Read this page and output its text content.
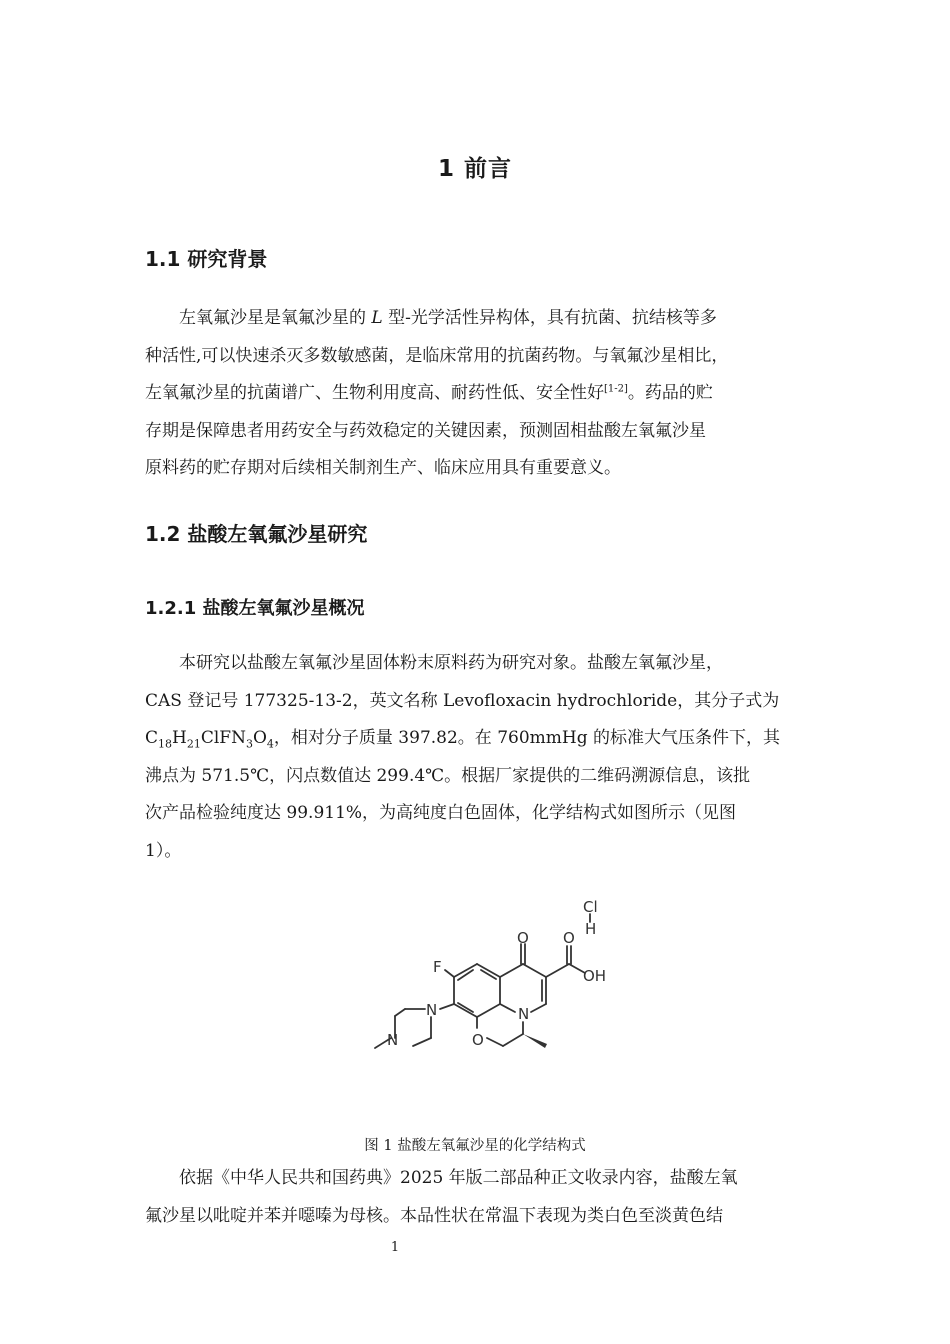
1 前言
1.1 研究背景
左氧氟沙星是氧氟沙星的 L 型-光学活性异构体，具有抗菌、抗结核等多
种活性,可以快速杀灭多数敏感菌，是临床常用的抗菌药物。与氧氟沙星相比，
左氧氟沙星的抗菌谱广、生物利用度高、耐药性低、安全性好[1-2]。药品的贮
存期是保障患者用药安全与药效稳定的关键因素，预测固相盐酸左氧氟沙星
原料药的贮存期对后续相关制剂生产、临床应用具有重要意义。
1.2 盐酸左氧氟沙星研究
1.2.1 盐酸左氧氟沙星概况
本研究以盐酸左氧氟沙星固体粉末原料药为研究对象。盐酸左氧氟沙星，
CAS 登记号 177325-13-2，英文名称 Levofloxacin hydrochloride，其分子式为
$C_{18}H_{21}ClFN_3O_4$，相对分子质量 397.82。在 760mmHg 的标准大气压条件下，其
沸点为 571.5℃，闪点数值达 299.4℃。根据厂家提供的二维码溯源信息，该批
次产品检验纯度达 99.911%，为高纯度白色固体，化学结构式如图所示（见图
1）。
Cl
H
O O
OH
F
N
N
N	O
图 1 盐酸左氧氟沙星的化学结构式
依据《中华人民共和国药典》2025 年版二部品种正文收录内容，盐酸左氧
氟沙星以吡啶并苯并噁嗪为母核。本品性状在常温下表现为类白色至淡黄色结
1
